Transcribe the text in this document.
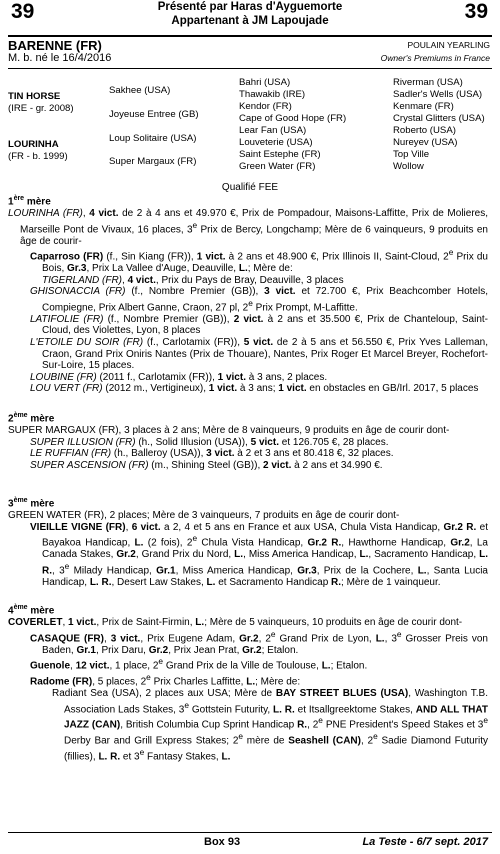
39	39
Présenté par Haras d'Ayguemorte
Appartenant à JM Lapoujade
BARENNE (FR)
M. b. né le 16/4/2016
POULAIN YEARLING
Owner's Premiums in France
TIN HORSE
(IRE - gr. 2008)
LOURINHA
(FR - b. 1999)
Sakhee (USA)
Joyeuse Entree (GB)
Loup Solitaire (USA)
Super Margaux (FR)
Bahri (USA)
Thawakib (IRE)
Kendor (FR)
Cape of Good Hope (FR)
Lear Fan (USA)
Louveterie (USA)
Saint Estephe (FR)
Green Water (FR)
Riverman (USA)
Sadler's Wells (USA)
Kenmare (FR)
Crystal Glitters (USA)
Roberto (USA)
Nureyev (USA)
Top Ville
Wollow
Qualifié FEE
1ère mère

LOURINHA (FR), 4 vict. de 2 à 4 ans et 49.970 €, Prix de Pompadour, Maisons-Laffitte, Prix de Molieres, Marseille Pont de Vivaux, 16 places, 3e Prix de Bercy, Longchamp; Mère de 6 vainqueurs, 9 produits en âge de courir-

Caparroso (FR) (f., Sin Kiang (FR)), 1 vict. à 2 ans et 48.900 €, Prix Illinois II, Saint-Cloud, 2e Prix du Bois, Gr.3, Prix La Vallee d'Auge, Deauville, L.; Mère de:

TIGERLAND (FR), 4 vict., Prix du Pays de Bray, Deauville, 3 places

GHISONACCIA (FR) (f., Nombre Premier (GB)), 3 vict. et 72.700 €, Prix Beachcomber Hotels, Compiegne, Prix Albert Ganne, Craon, 27 pl, 2e Prix Prompt, M-Laffitte.

LATIFOLIE (FR) (f., Nombre Premier (GB)), 2 vict. à 2 ans et 35.500 €, Prix de Chanteloup, Saint-Cloud, des Violettes, Lyon, 8 places

L'ETOILE DU SOIR (FR) (f., Carlotamix (FR)), 5 vict. de 2 à 5 ans et 56.550 €, Prix Yves Lalleman, Craon, Grand Prix Oniris Nantes (Prix de Thouare), Nantes, Prix Roger Et Marcel Breyer, Rochefort-Sur-Loire, 15 places.

LOUBINE (FR) (2011 f., Carlotamix (FR)), 1 vict. à 3 ans, 2 places.

LOU VERT (FR) (2012 m., Vertigineux), 1 vict. à 3 ans; 1 vict. en obstacles en GB/Irl. 2017, 5 places

2ème mère

SUPER MARGAUX (FR), 3 places à 2 ans; Mère de 8 vainqueurs, 9 produits en âge de courir dont-

SUPER ILLUSION (FR) (h., Solid Illusion (USA)), 5 vict. et 126.705 €, 28 places.

LE RUFFIAN (FR) (h., Balleroy (USA)), 3 vict. à 2 et 3 ans et 80.418 €, 32 places.

SUPER ASCENSION (FR) (m., Shining Steel (GB)), 2 vict. à 2 ans et 34.990 €.

3ème mère

GREEN WATER (FR), 2 places; Mère de 3 vainqueurs, 7 produits en âge de courir dont-

VIEILLE VIGNE (FR), 6 vict. a 2, 4 et 5 ans en France et aux USA, Chula Vista Handicap, Gr.2 R. et Bayakoa Handicap, L. (2 fois), 2e Chula Vista Handicap, Gr.2 R., Hawthorne Handicap, Gr.2, La Canada Stakes, Gr.2, Grand Prix du Nord, L., Miss America Handicap, L., Sacramento Handicap, L. R., 3e Milady Handicap, Gr.1, Miss America Handicap, Gr.3, Prix de la Cochere, L., Santa Lucia Handicap, L. R., Desert Law Stakes, L. et Sacramento Handicap R.; Mère de 1 vainqueur.

4ème mère

COVERLET, 1 vict., Prix de Saint-Firmin, L.; Mère de 5 vainqueurs, 10 produits en âge de courir dont-

CASAQUE (FR), 3 vict., Prix Eugene Adam, Gr.2, 2e Grand Prix de Lyon, L., 3e Grosser Preis von Baden, Gr.1, Prix Daru, Gr.2, Prix Jean Prat, Gr.2; Etalon.

Guenole, 12 vict., 1 place, 2e Grand Prix de la Ville de Toulouse, L.; Etalon.

Radome (FR), 5 places, 2e Prix Charles Laffitte, L.; Mère de:

Radiant Sea (USA), 2 places aux USA; Mère de BAY STREET BLUES (USA), Washington T.B. Association Lads Stakes, 3e Gottstein Futurity, L. R. et Itsallgreektome Stakes, AND ALL THAT JAZZ (CAN), British Columbia Cup Sprint Handicap R., 2e PNE President's Speed Stakes et 3e Derby Bar and Grill Express Stakes; 2e mère de Seashell (CAN), 2e Sadie Diamond Futurity (fillies), L. R. et 3e Fantasy Stakes, L.

Box 93	La Teste - 6/7 sept. 2017
